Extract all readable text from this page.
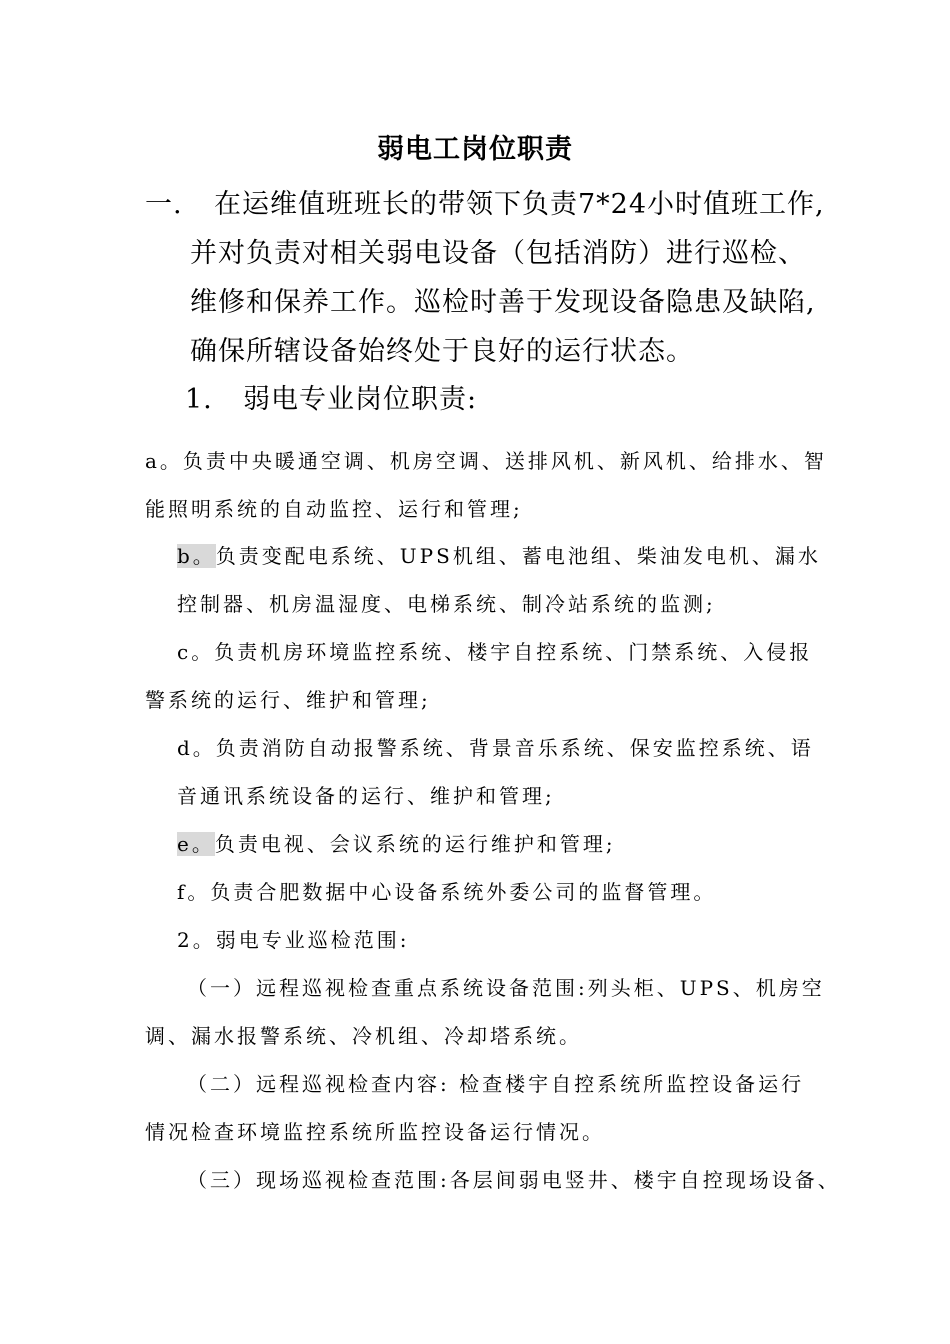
弱电工岗位职责
一.	在运维值班班长的带领下负责7*24小时值班工作,并对负责对相关弱电设备（包括消防）进行巡检、维修和保养工作。巡检时善于发现设备隐患及缺陷,确保所辖设备始终处于良好的运行状态。
1. 弱电专业岗位职责:
a。负责中央暖通空调、机房空调、送排风机、新风机、给排水、智
能照明系统的自动监控、运行和管理;
b。负责变配电系统、UPS机组、蓄电池组、柴油发电机、漏水
控制器、机房温湿度、电梯系统、制冷站系统的监测;
c。负责机房环境监控系统、楼宇自控系统、门禁系统、入侵报
警系统的运行、维护和管理;
d。负责消防自动报警系统、背景音乐系统、保安监控系统、语
音通讯系统设备的运行、维护和管理;
e。负责电视、会议系统的运行维护和管理;
f。负责合肥数据中心设备系统外委公司的监督管理。
2。弱电专业巡检范围:
（一）远程巡视检查重点系统设备范围:列头柜、UPS、机房空
调、漏水报警系统、冷机组、冷却塔系统。
（二）远程巡视检查内容: 检查楼宇自控系统所监控设备运行
情况检查环境监控系统所监控设备运行情况。
（三）现场巡视检查范围:各层间弱电竖井、楼宇自控现场设备、
